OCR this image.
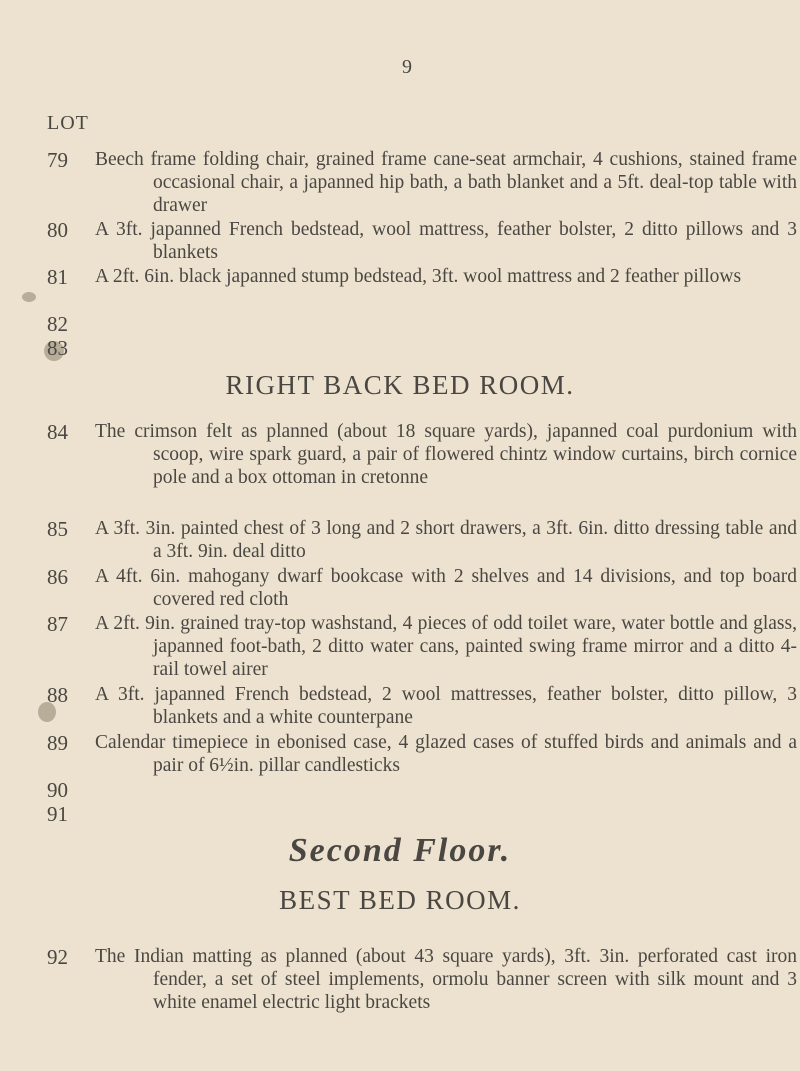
9
LOT
79
80
81
82
83
84
85
86
87
88
89
90
91
92

Beech frame folding chair, grained frame cane-seat armchair, 4 cushions, stained frame occasional chair, a japanned hip bath, a bath blanket and a 5ft. deal-top table with drawer

A 3ft. japanned French bedstead, wool mattress, feather bolster, 2 ditto pillows and 3 blankets

A 2ft. 6in. black japanned stump bedstead, 3ft. wool mattress and 2 feather pillows

RIGHT BACK BED ROOM.

The crimson felt as planned (about 18 square yards), japanned coal purdonium with scoop, wire spark guard, a pair of flowered chintz window curtains, birch cornice pole and a box ottoman in cretonne

A 3ft. 3in. painted chest of 3 long and 2 short drawers, a 3ft. 6in. ditto dressing table and a 3ft. 9in. deal ditto

A 4ft. 6in. mahogany dwarf bookcase with 2 shelves and 14 divisions, and top board covered red cloth

A 2ft. 9in. grained tray-top washstand, 4 pieces of odd toilet ware, water bottle and glass, japanned foot-bath, 2 ditto water cans, painted swing frame mirror and a ditto 4-rail towel airer

A 3ft. japanned French bedstead, 2 wool mattresses, feather bolster, ditto pillow, 3 blankets and a white counterpane

Calendar timepiece in ebonised case, 4 glazed cases of stuffed birds and animals and a pair of 6½in. pillar candlesticks

Second Floor.
BEST BED ROOM.

The Indian matting as planned (about 43 square yards), 3ft. 3in. perforated cast iron fender, a set of steel implements, ormolu banner screen with silk mount and 3 white enamel electric light brackets
